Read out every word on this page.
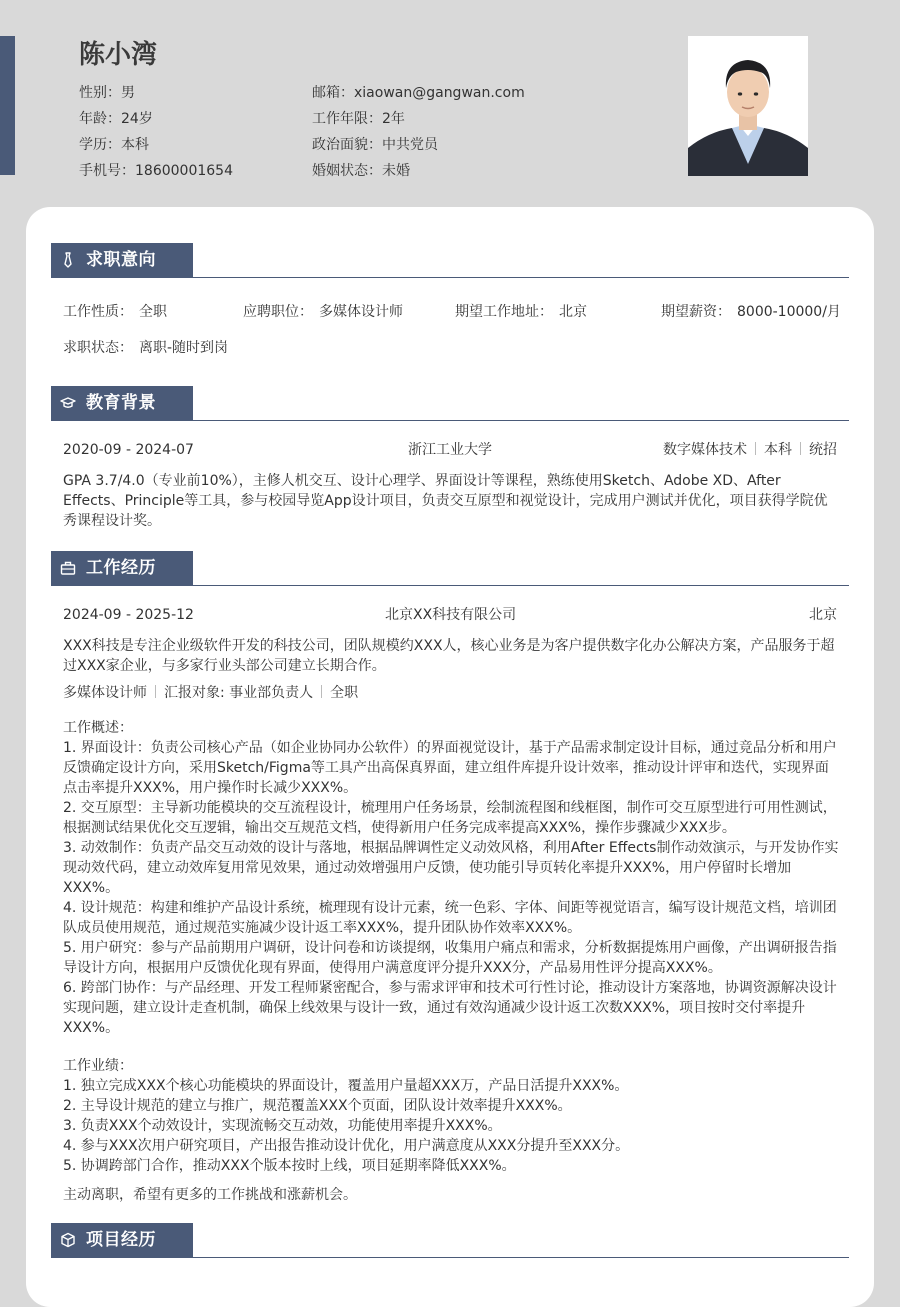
陈小湾
性别：男
年龄：24岁
学历：本科
手机号：18600001654
邮箱：xiaowan@gangwan.com
工作年限：2年
政治面貌：中共党员
婚姻状态：未婚
求职意向
工作性质： 全职	应聘职位： 多媒体设计师	期望工作地址： 北京	期望薪资： 8000-10000/月
求职状态： 离职-随时到岗
教育背景
2020-09 - 2024-07	浙江工业大学	数字媒体技术 本科 统招

GPA 3.7/4.0（专业前10%），主修人机交互、设计心理学、界面设计等课程，熟练使用Sketch、Adobe XD、After Effects、Principle等工具，参与校园导览App设计项目，负责交互原型和视觉设计，完成用户测试并优化，项目获得学院优秀课程设计奖。

工作经历
2024-09 - 2025-12	北京XX科技有限公司	北京

XXX科技是专注企业级软件开发的科技公司，团队规模约XXX人，核心业务是为客户提供数字化办公解决方案，产品服务于超过XXX家企业，与多家行业头部公司建立长期合作。

多媒体设计师 汇报对象: 事业部负责人 全职
工作概述：
1. 界面设计：负责公司核心产品（如企业协同办公软件）的界面视觉设计，基于产品需求制定设计目标，通过竞品分析和用户反馈确定设计方向，采用Sketch/Figma等工具产出高保真界面，建立组件库提升设计效率，推动设计评审和迭代，实现界面点击率提升XXX%，用户操作时长减少XXX%。
2. 交互原型：主导新功能模块的交互流程设计，梳理用户任务场景，绘制流程图和线框图，制作可交互原型进行可用性测试，根据测试结果优化交互逻辑，输出交互规范文档，使得新用户任务完成率提高XXX%，操作步骤减少XXX步。
3. 动效制作：负责产品交互动效的设计与落地，根据品牌调性定义动效风格，利用After Effects制作动效演示，与开发协作实现动效代码，建立动效库复用常见效果，通过动效增强用户反馈，使功能引导页转化率提升XXX%，用户停留时长增加XXX%。
4. 设计规范：构建和维护产品设计系统，梳理现有设计元素，统一色彩、字体、间距等视觉语言，编写设计规范文档，培训团队成员使用规范，通过规范实施减少设计返工率XXX%，提升团队协作效率XXX%。
5. 用户研究：参与产品前期用户调研，设计问卷和访谈提纲，收集用户痛点和需求，分析数据提炼用户画像，产出调研报告指导设计方向，根据用户反馈优化现有界面，使得用户满意度评分提升XXX分，产品易用性评分提高XXX%。
6. 跨部门协作：与产品经理、开发工程师紧密配合，参与需求评审和技术可行性讨论，推动设计方案落地，协调资源解决设计实现问题，建立设计走查机制，确保上线效果与设计一致，通过有效沟通减少设计返工次数XXX%，项目按时交付率提升XXX%。
工作业绩：
1. 独立完成XXX个核心功能模块的界面设计，覆盖用户量超XXX万，产品日活提升XXX%。
2. 主导设计规范的建立与推广，规范覆盖XXX个页面，团队设计效率提升XXX%。
3. 负责XXX个动效设计，实现流畅交互动效，功能使用率提升XXX%。
4. 参与XXX次用户研究项目，产出报告推动设计优化，用户满意度从XXX分提升至XXX分。
5. 协调跨部门合作，推动XXX个版本按时上线，项目延期率降低XXX%。

主动离职，希望有更多的工作挑战和涨薪机会。

项目经历
